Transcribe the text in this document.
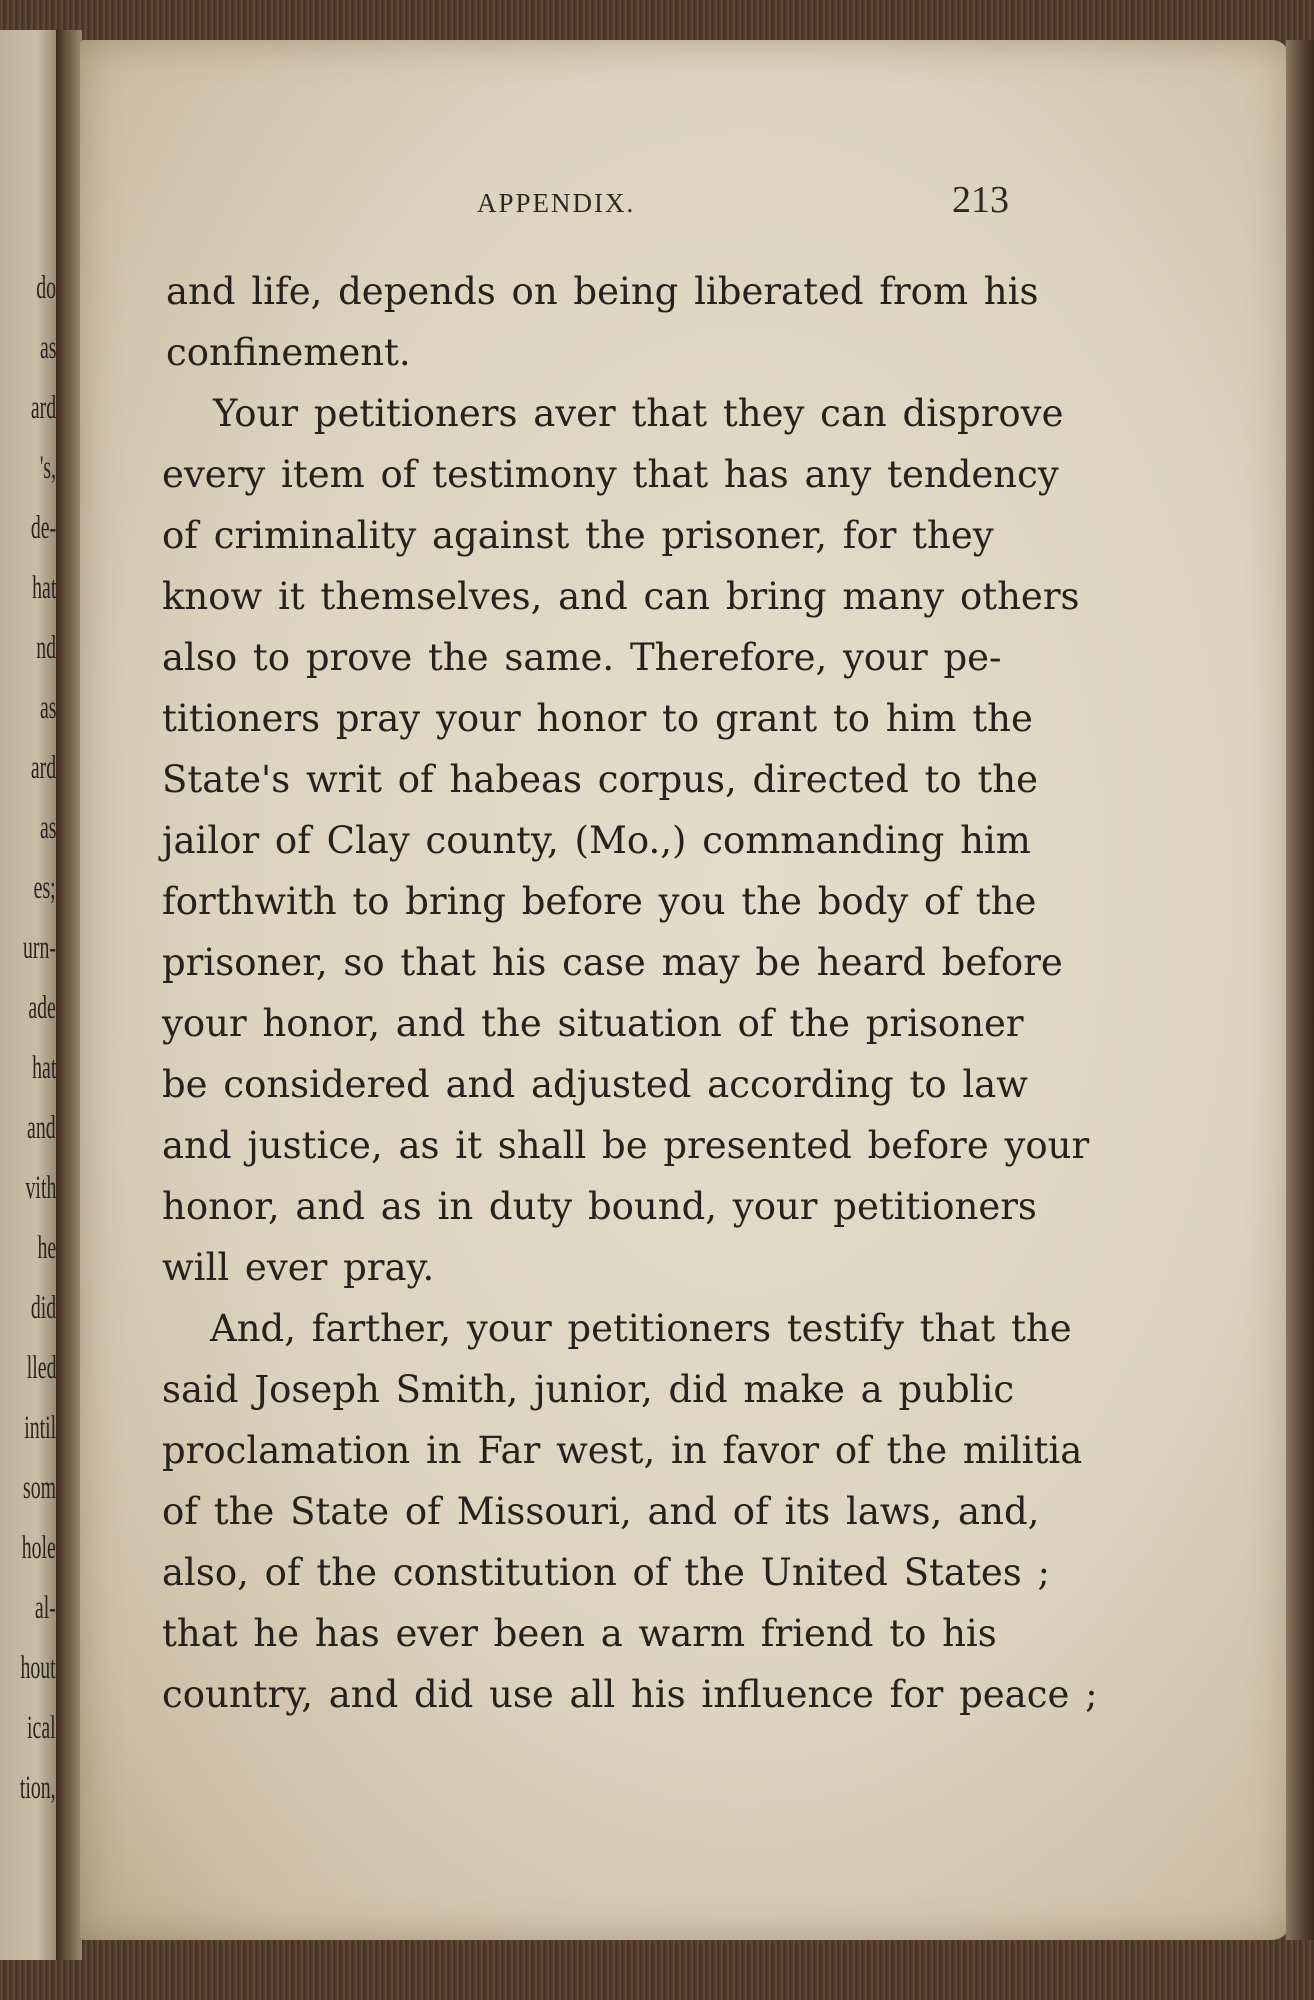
do
as
ard
's,
de-
hat
nd
as
ard
as
es;
urn-
ade
hat
and
vith
he
did
lled
intil
som
hole
al-
hout
ical
tion,
APPENDIX.	213
and life, depends on being liberated from his
confinement.
Your petitioners aver that they can disprove
every item of testimony that has any tendency
of criminality against the prisoner, for they
know it themselves, and can bring many others
also to prove the same. Therefore, your pe-
titioners pray your honor to grant to him the
State's writ of habeas corpus, directed to the
jailor of Clay county, (Mo.,) commanding him
forthwith to bring before you the body of the
prisoner, so that his case may be heard before
your honor, and the situation of the prisoner
be considered and adjusted according to law
and justice, as it shall be presented before your
honor, and as in duty bound, your petitioners
will ever pray.
And, farther, your petitioners testify that the
said Joseph Smith, junior, did make a public
proclamation in Far west, in favor of the militia
of the State of Missouri, and of its laws, and,
also, of the constitution of the United States ;
that he has ever been a warm friend to his
country, and did use all his influence for peace ;
